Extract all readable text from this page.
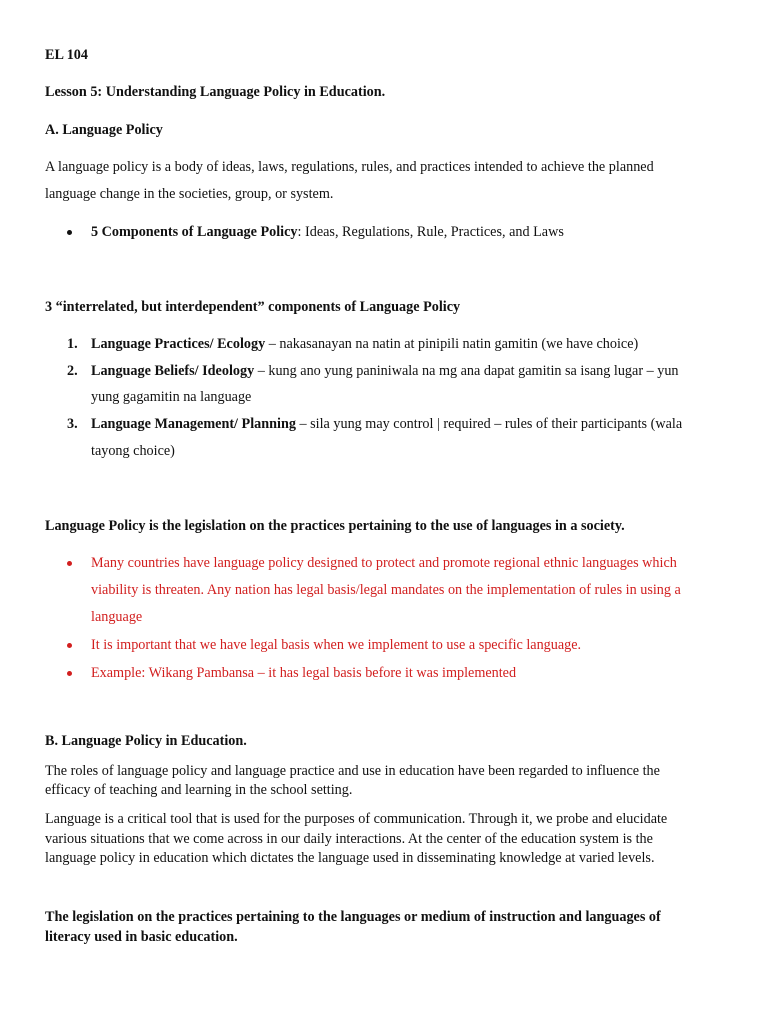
EL 104
Lesson 5: Understanding Language Policy in Education.
A. Language Policy
A language policy is a body of ideas, laws, regulations, rules, and practices intended to achieve the planned
language change in the societies, group, or system.
5 Components of Language Policy: Ideas, Regulations, Rule, Practices, and Laws
3 “interrelated, but interdependent” components of Language Policy
1. Language Practices/ Ecology – nakasanayan na natin at pinipili natin gamitin (we have choice)
2. Language Beliefs/ Ideology – kung ano yung paniniwala na mg ana dapat gamitin sa isang lugar – yun
yung gagamitin na language
3. Language Management/ Planning – sila yung may control | required – rules of their participants (wala
tayong choice)
Language Policy is the legislation on the practices pertaining to the use of languages in a society.
Many countries have language policy designed to protect and promote regional ethnic languages which
viability is threaten. Any nation has legal basis/legal mandates on the implementation of rules in using a
language
It is important that we have legal basis when we implement to use a specific language.
Example: Wikang Pambansa – it has legal basis before it was implemented
B. Language Policy in Education.
The roles of language policy and language practice and use in education have been regarded to influence the
efficacy of teaching and learning in the school setting.
Language is a critical tool that is used for the purposes of communication. Through it, we probe and elucidate
various situations that we come across in our daily interactions. At the center of the education system is the
language policy in education which dictates the language used in disseminating knowledge at varied levels.
The legislation on the practices pertaining to the languages or medium of instruction and languages of
literacy used in basic education.
